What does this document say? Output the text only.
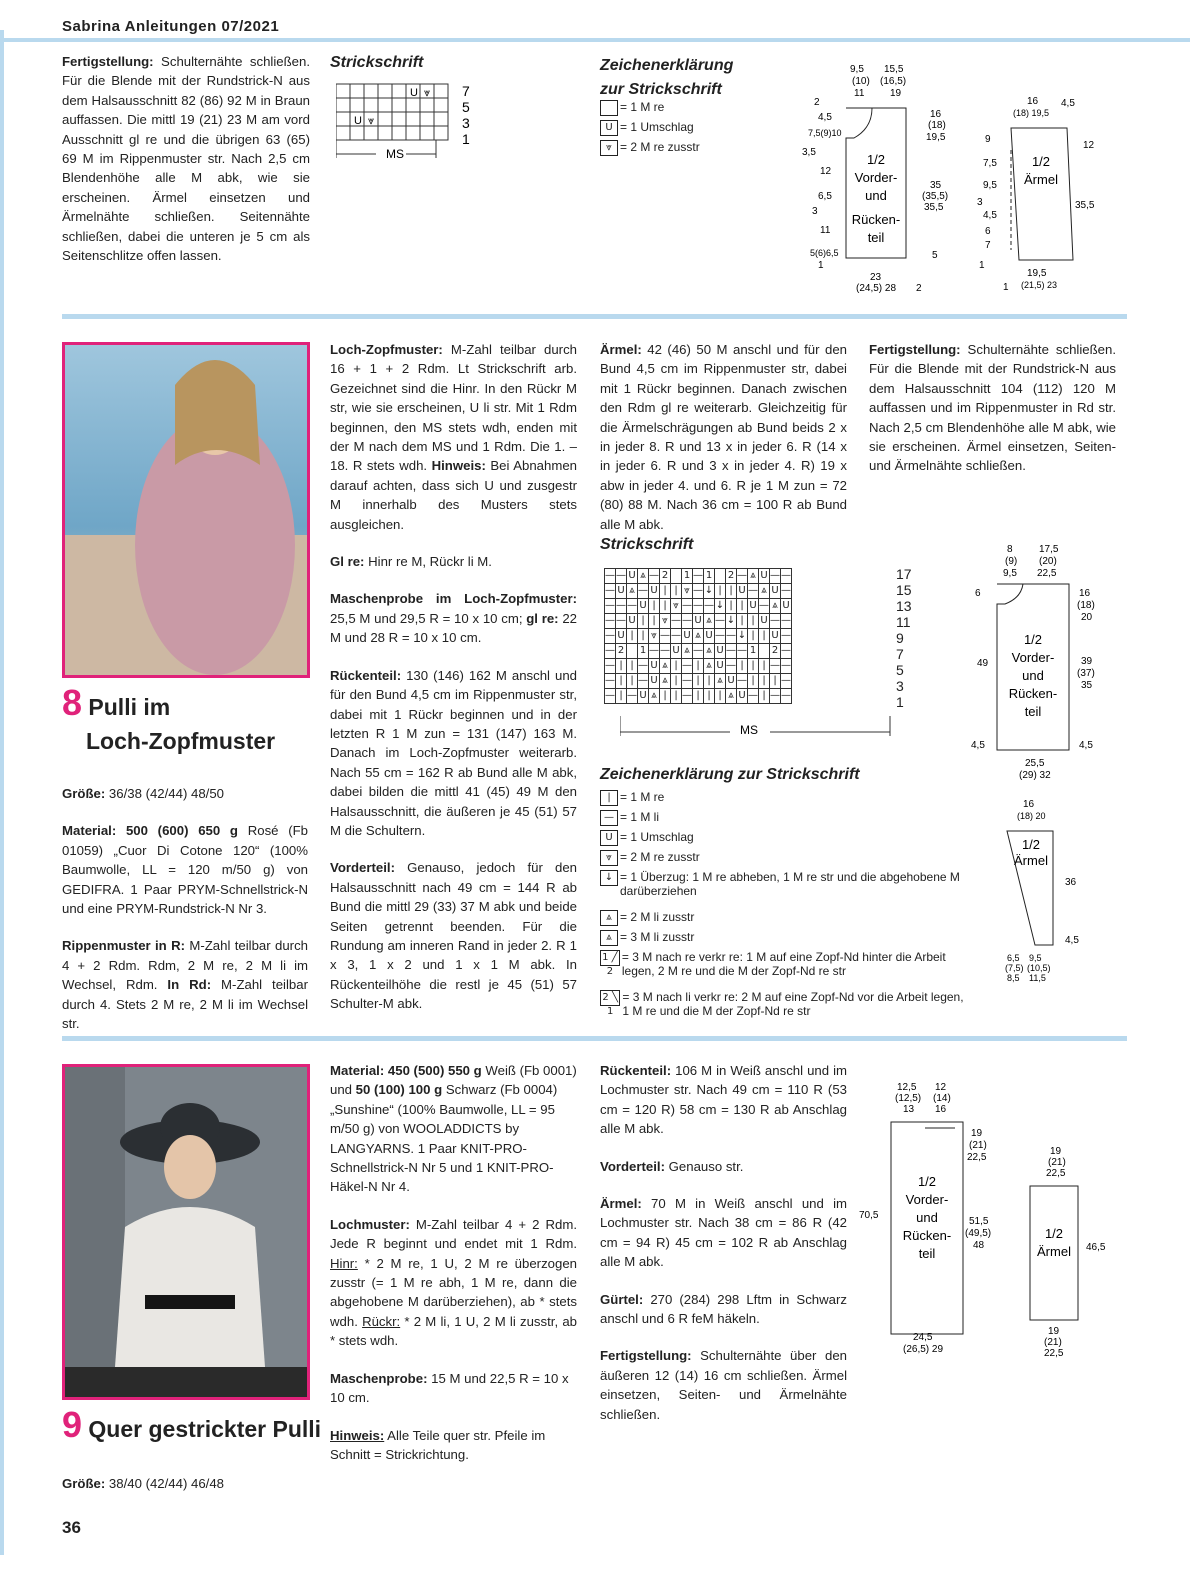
Sabrina Anleitungen 07/2021

Fertigstellung: Schulternähte schließen. Für die Blende mit der Rundstrick-N aus dem Halsausschnitt 82 (86) 92 M in Braun auffassen. Die mittl 19 (21) 23 M am vord Ausschnitt gl re und die übrigen 63 (65) 69 M im Rippenmuster str. Nach 2,5 cm Blendenhöhe alle M abk, wie sie erscheinen. Ärmel einsetzen und Ärmelnähte schließen. Seitennähte schließen, dabei die unteren je 5 cm als Seitenschlitze offen lassen.

Strickschrift
U ⩔
U ⩔
MS
7
5
3
1
Zeichenerklärung zur Strickschrift
= 1 M re
U = 1 Umschlag
⩔ = 2 M re zusstr
9,5
(10)
11
15,5
(16,5)
19
2
4,5
7,5(9)10
3,5
12
6,5
3
11
5(6)6,5
1
16
(18)
19,5
35
(35,5)
35,5
5
1/2
Vorder-
und
Rücken-
teil
23
(24,5) 28 2
16
(18) 19,5
4,5
9
7,5
9,5
3
4,5
6
7
1
12
35,5
1/2
Ärmel
19,5
(21,5) 23
1
8 Pulli im
Loch-Zopfmuster

Größe: 36/38 (42/44) 48/50

Material: 500 (600) 650 g Rosé (Fb 01059) „Cuor Di Cotone 120“ (100% Baumwolle, LL = 120 m/50 g) von GEDIFRA. 1 Paar PRYM-Schnellstrick-N und eine PRYM-Rundstrick-N Nr 3.

Rippenmuster in R: M-Zahl teilbar durch 4 + 2 Rdm. Rdm, 2 M re, 2 M li im Wechsel, Rdm. In Rd: M-Zahl teilbar durch 4. Stets 2 M re, 2 M li im Wechsel str.

Loch-Zopfmuster: M-Zahl teilbar durch 16 + 1 + 2 Rdm. Lt Strickschrift arb. Gezeichnet sind die Hinr. In den Rückr M str, wie sie erscheinen, U li str. Mit 1 Rdm beginnen, den MS stets wdh, enden mit der M nach dem MS und 1 Rdm. Die 1. – 18. R stets wdh. Hinweis: Bei Abnahmen darauf achten, dass sich U und zusgestr M innerhalb des Musters stets ausgleichen.

Gl re: Hinr re M, Rückr li M.

Maschenprobe im Loch-Zopfmuster: 25,5 M und 29,5 R = 10 x 10 cm; gl re: 22 M und 28 R = 10 x 10 cm.

Rückenteil: 130 (146) 162 M anschl und für den Bund 4,5 cm im Rippenmuster str, dabei mit 1 Rückr beginnen und in der letzten R 1 M zun = 131 (147) 163 M. Danach im Loch-Zopfmuster weiterarb. Nach 55 cm = 162 R ab Bund alle M abk, dabei bilden die mittl 41 (45) 49 M den Halsausschnitt, die äußeren je 45 (51) 57 M die Schultern.

Vorderteil: Genauso, jedoch für den Halsausschnitt nach 49 cm = 144 R ab Bund die mittl 29 (33) 37 M abk und beide Seiten getrennt beenden. Für die Rundung am inneren Rand in jeder 2. R 1 x 3, 1 x 2 und 1 x 1 M abk. In Rückenteilhöhe die restl je 45 (51) 57 Schulter-M abk.

Ärmel: 42 (46) 50 M anschl und für den Bund 4,5 cm im Rippenmuster str, dabei mit 1 Rückr beginnen. Danach zwischen den Rdm gl re weiterarb. Gleichzeitig für die Ärmelschrägungen ab Bund beids 2 x in jeder 8. R und 13 x in jeder 6. R (14 x in jeder 6. R und 3 x in jeder 4. R) 19 x abw in jeder 4. und 6. R je 1 M zun = 72 (80) 88 M. Nach 36 cm = 100 R ab Bund alle M abk.

Fertigstellung: Schulternähte schließen. Für die Blende mit der Rundstrick-N aus dem Halsausschnitt 104 (112) 120 M auffassen und im Rippenmuster in Rd str. Nach 2,5 cm Blendenhöhe alle M abk, wie sie erscheinen. Ärmel einsetzen, Seiten- und Ärmelnähte schließen.

Strickschrift
—	—	U	⩓	—	2		1	—	1		2	—	⩓	U	—	—
—	U	⩓	—	U	|	|	⩔	—	↓	|	|	U	—	⩓	U	—
—	—	—	U	|	|	⩔	—	—	—	↓	|	|	U	—	⩓	U
—	—	U	|	|	⩔	—	—	U	⩓	—	↓	|	|	U	—	—
—	U	|	|	⩔	—	—	U	⩓	U	—	—	↓	|	|	U	—
—	2		1	—	—	U	⩓	—	⩓	U	—	—	1		2	—
—	|	|	—	U	⩓	|	—	|	⩓	U	—	|	|	|	—	—
—	|	|	—	U	⩓	|	—	|	|	⩓	U	—	|	|	|	—
—	|	—	U	⩓	|	|	—	|	|	|	⩓	U	—	|	—	—
17
15
13
11
9
7
5
3
1
MS
Zeichenerklärung zur Strickschrift
| = 1 M re
— = 1 M li
U = 1 Umschlag
⩔ = 2 M re zusstr
↓ = 1 Überzug: 1 M re abheben, 1 M re str und die abgehobene M darüberziehen
⩓ = 2 M li zusstr
⩓ = 3 M li zusstr
1 ╱ 2
= 3 M nach re verkr re: 1 M auf eine Zopf-Nd hinter die Arbeit legen, 2 M re und die M der Zopf-Nd re str
2 ╲ 1
= 3 M nach li verkr re: 2 M auf eine Zopf-Nd vor die Arbeit legen, 1 M re und die M der Zopf-Nd re str
8
(9)
9,5
17,5
(20)
22,5
6
49
4,5
16
(18)
20
39
(37)
35
4,5
1/2
Vorder-
und
Rücken-
teil
25,5
(29) 32
16
(18) 20
1/2
Ärmel
36
4,5
6,5 9,5
(7,5) (10,5)
8,5 11,5
9 Quer gestrickter Pulli

Größe: 38/40 (42/44) 46/48

Material: 450 (500) 550 g Weiß (Fb 0001) und 50 (100) 100 g Schwarz (Fb 0004) „Sunshine“ (100% Baumwolle, LL = 95 m/50 g) von WOOLADDICTS by LANGYARNS. 1 Paar KNIT-PRO-Schnellstrick-N Nr 5 und 1 KNIT-PRO-Häkel-N Nr 4.

Lochmuster: M-Zahl teilbar 4 + 2 Rdm. Jede R beginnt und endet mit 1 Rdm. Hinr: * 2 M re, 1 U, 2 M re überzogen zusstr (= 1 M re abh, 1 M re, dann die abgehobene M darüberziehen), ab * stets wdh. Rückr: * 2 M li, 1 U, 2 M li zusstr, ab * stets wdh.

Maschenprobe: 15 M und 22,5 R = 10 x 10 cm.

Hinweis: Alle Teile quer str. Pfeile im Schnitt = Strickrichtung.

Rückenteil: 106 M in Weiß anschl und im Lochmuster str. Nach 49 cm = 110 R (53 cm = 120 R) 58 cm = 130 R ab Anschlag alle M abk.

Vorderteil: Genauso str.

Ärmel: 70 M in Weiß anschl und im Lochmuster str. Nach 38 cm = 86 R (42 cm = 94 R) 45 cm = 102 R ab Anschlag alle M abk.

Gürtel: 270 (284) 298 Lftm in Schwarz anschl und 6 R feM häkeln.

Fertigstellung: Schulternähte über den äußeren 12 (14) 16 cm schließen. Ärmel einsetzen, Seiten- und Ärmelnähte schließen.

12,5
(12,5)
13
12
(14)
16
19
(21)
22,5
51,5
(49,5)
48
70,5
1/2
Vorder-
und
Rücken-
teil
24,5
(26,5) 29
19
(21)
22,5
1/2
Ärmel 46,5
19
(21)
22,5
36
